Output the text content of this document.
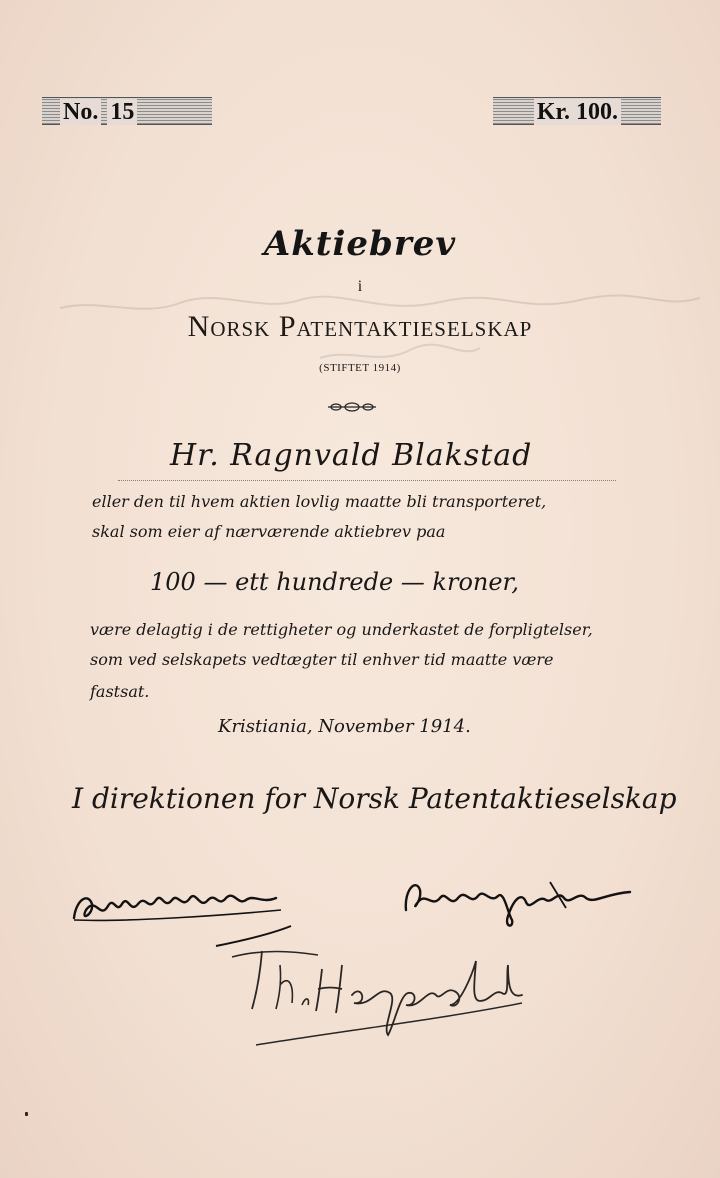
No. 15	Kr. 100.
Aktiebrev
i
Norsk Patentaktieselskap
(STIFTET 1914)
Hr. Ragnvald Blakstad
eller den til hvem aktien lovlig maatte bli transporteret,
skal som eier af nærværende aktiebrev paa
100 — ett hundrede — kroner,
være delagtig i de rettigheter og underkastet de forpligtelser,
som ved selskapets vedtægter til enhver tid maatte være
fastsat.
Kristiania, November 1914.
I direktionen for Norsk Patentaktieselskap
